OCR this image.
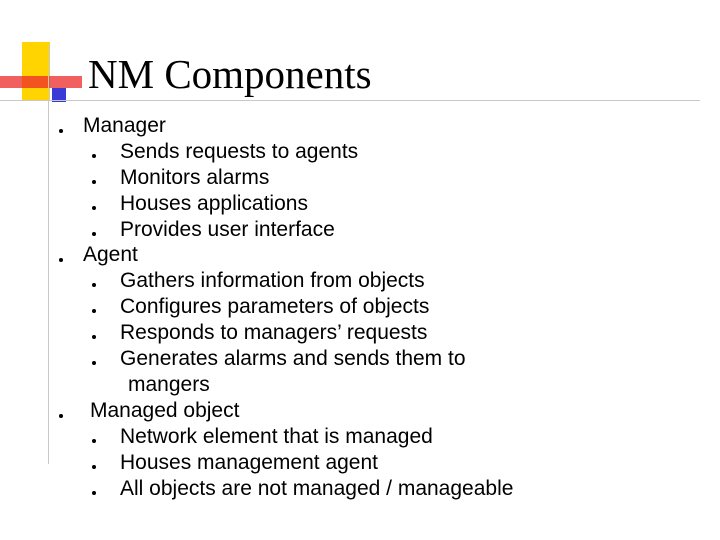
NM Components
Manager
Sends requests to agents
Monitors alarms
Houses applications
Provides user interface
Agent
Gathers information from objects
Configures parameters of objects
Responds to managers’ requests
Generates alarms and sends them to
mangers
Managed object
Network element that is managed
Houses management agent
All objects are not managed / manageable
